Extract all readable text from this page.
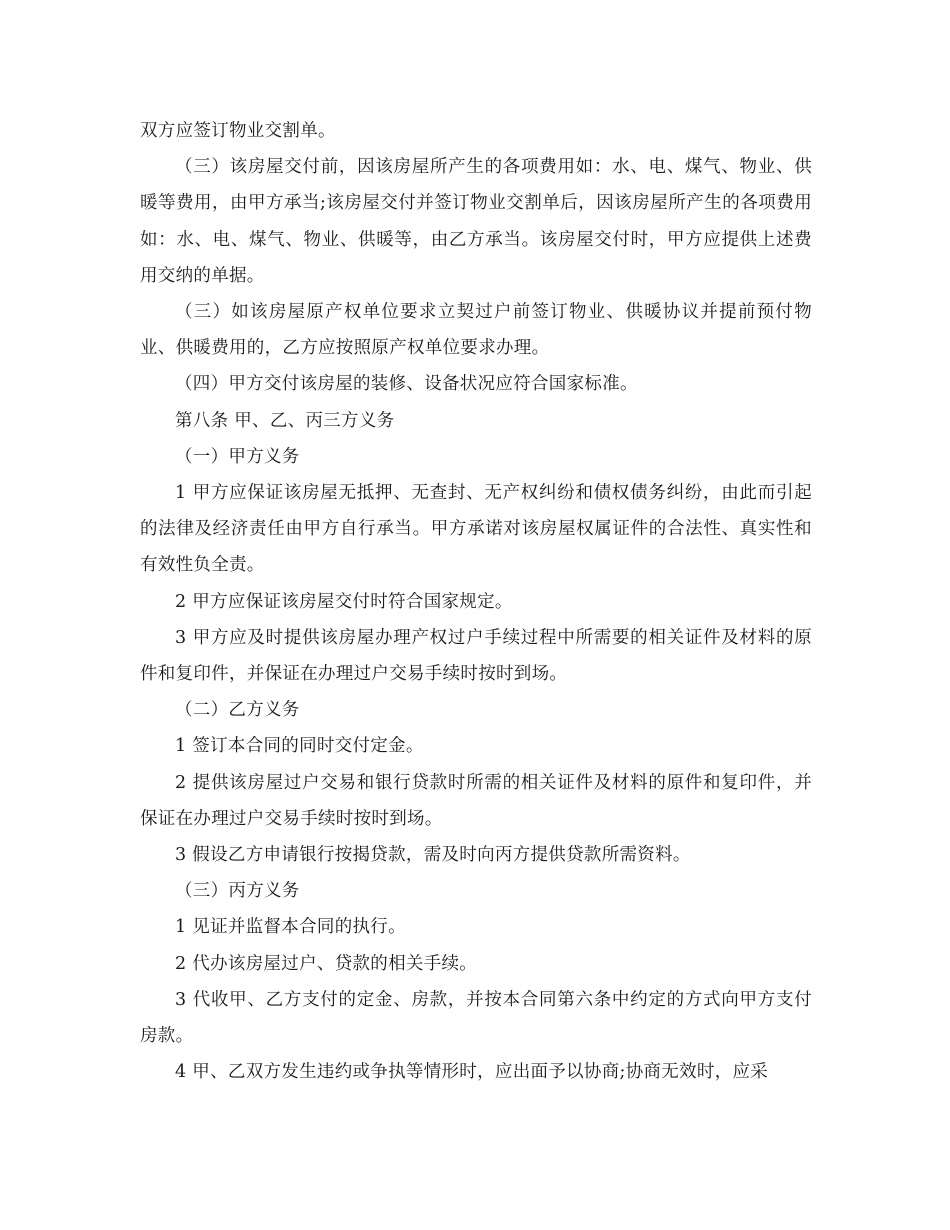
双方应签订物业交割单。

（三）该房屋交付前，因该房屋所产生的各项费用如：水、电、煤气、物业、供暖等费用，由甲方承当;该房屋交付并签订物业交割单后，因该房屋所产生的各项费用如：水、电、煤气、物业、供暖等，由乙方承当。该房屋交付时，甲方应提供上述费用交纳的单据。

（三）如该房屋原产权单位要求立契过户前签订物业、供暖协议并提前预付物业、供暖费用的，乙方应按照原产权单位要求办理。

（四）甲方交付该房屋的装修、设备状况应符合国家标准。

第八条 甲、乙、丙三方义务

（一）甲方义务

1 甲方应保证该房屋无抵押、无查封、无产权纠纷和债权债务纠纷，由此而引起的法律及经济责任由甲方自行承当。甲方承诺对该房屋权属证件的合法性、真实性和有效性负全责。

2 甲方应保证该房屋交付时符合国家规定。

3 甲方应及时提供该房屋办理产权过户手续过程中所需要的相关证件及材料的原件和复印件，并保证在办理过户交易手续时按时到场。

（二）乙方义务

1 签订本合同的同时交付定金。

2 提供该房屋过户交易和银行贷款时所需的相关证件及材料的原件和复印件，并保证在办理过户交易手续时按时到场。

3 假设乙方申请银行按揭贷款，需及时向丙方提供贷款所需资料。

（三）丙方义务

1 见证并监督本合同的执行。

2 代办该房屋过户、贷款的相关手续。

3 代收甲、乙方支付的定金、房款，并按本合同第六条中约定的方式向甲方支付房款。

4 甲、乙双方发生违约或争执等情形时，应出面予以协商;协商无效时，应采
